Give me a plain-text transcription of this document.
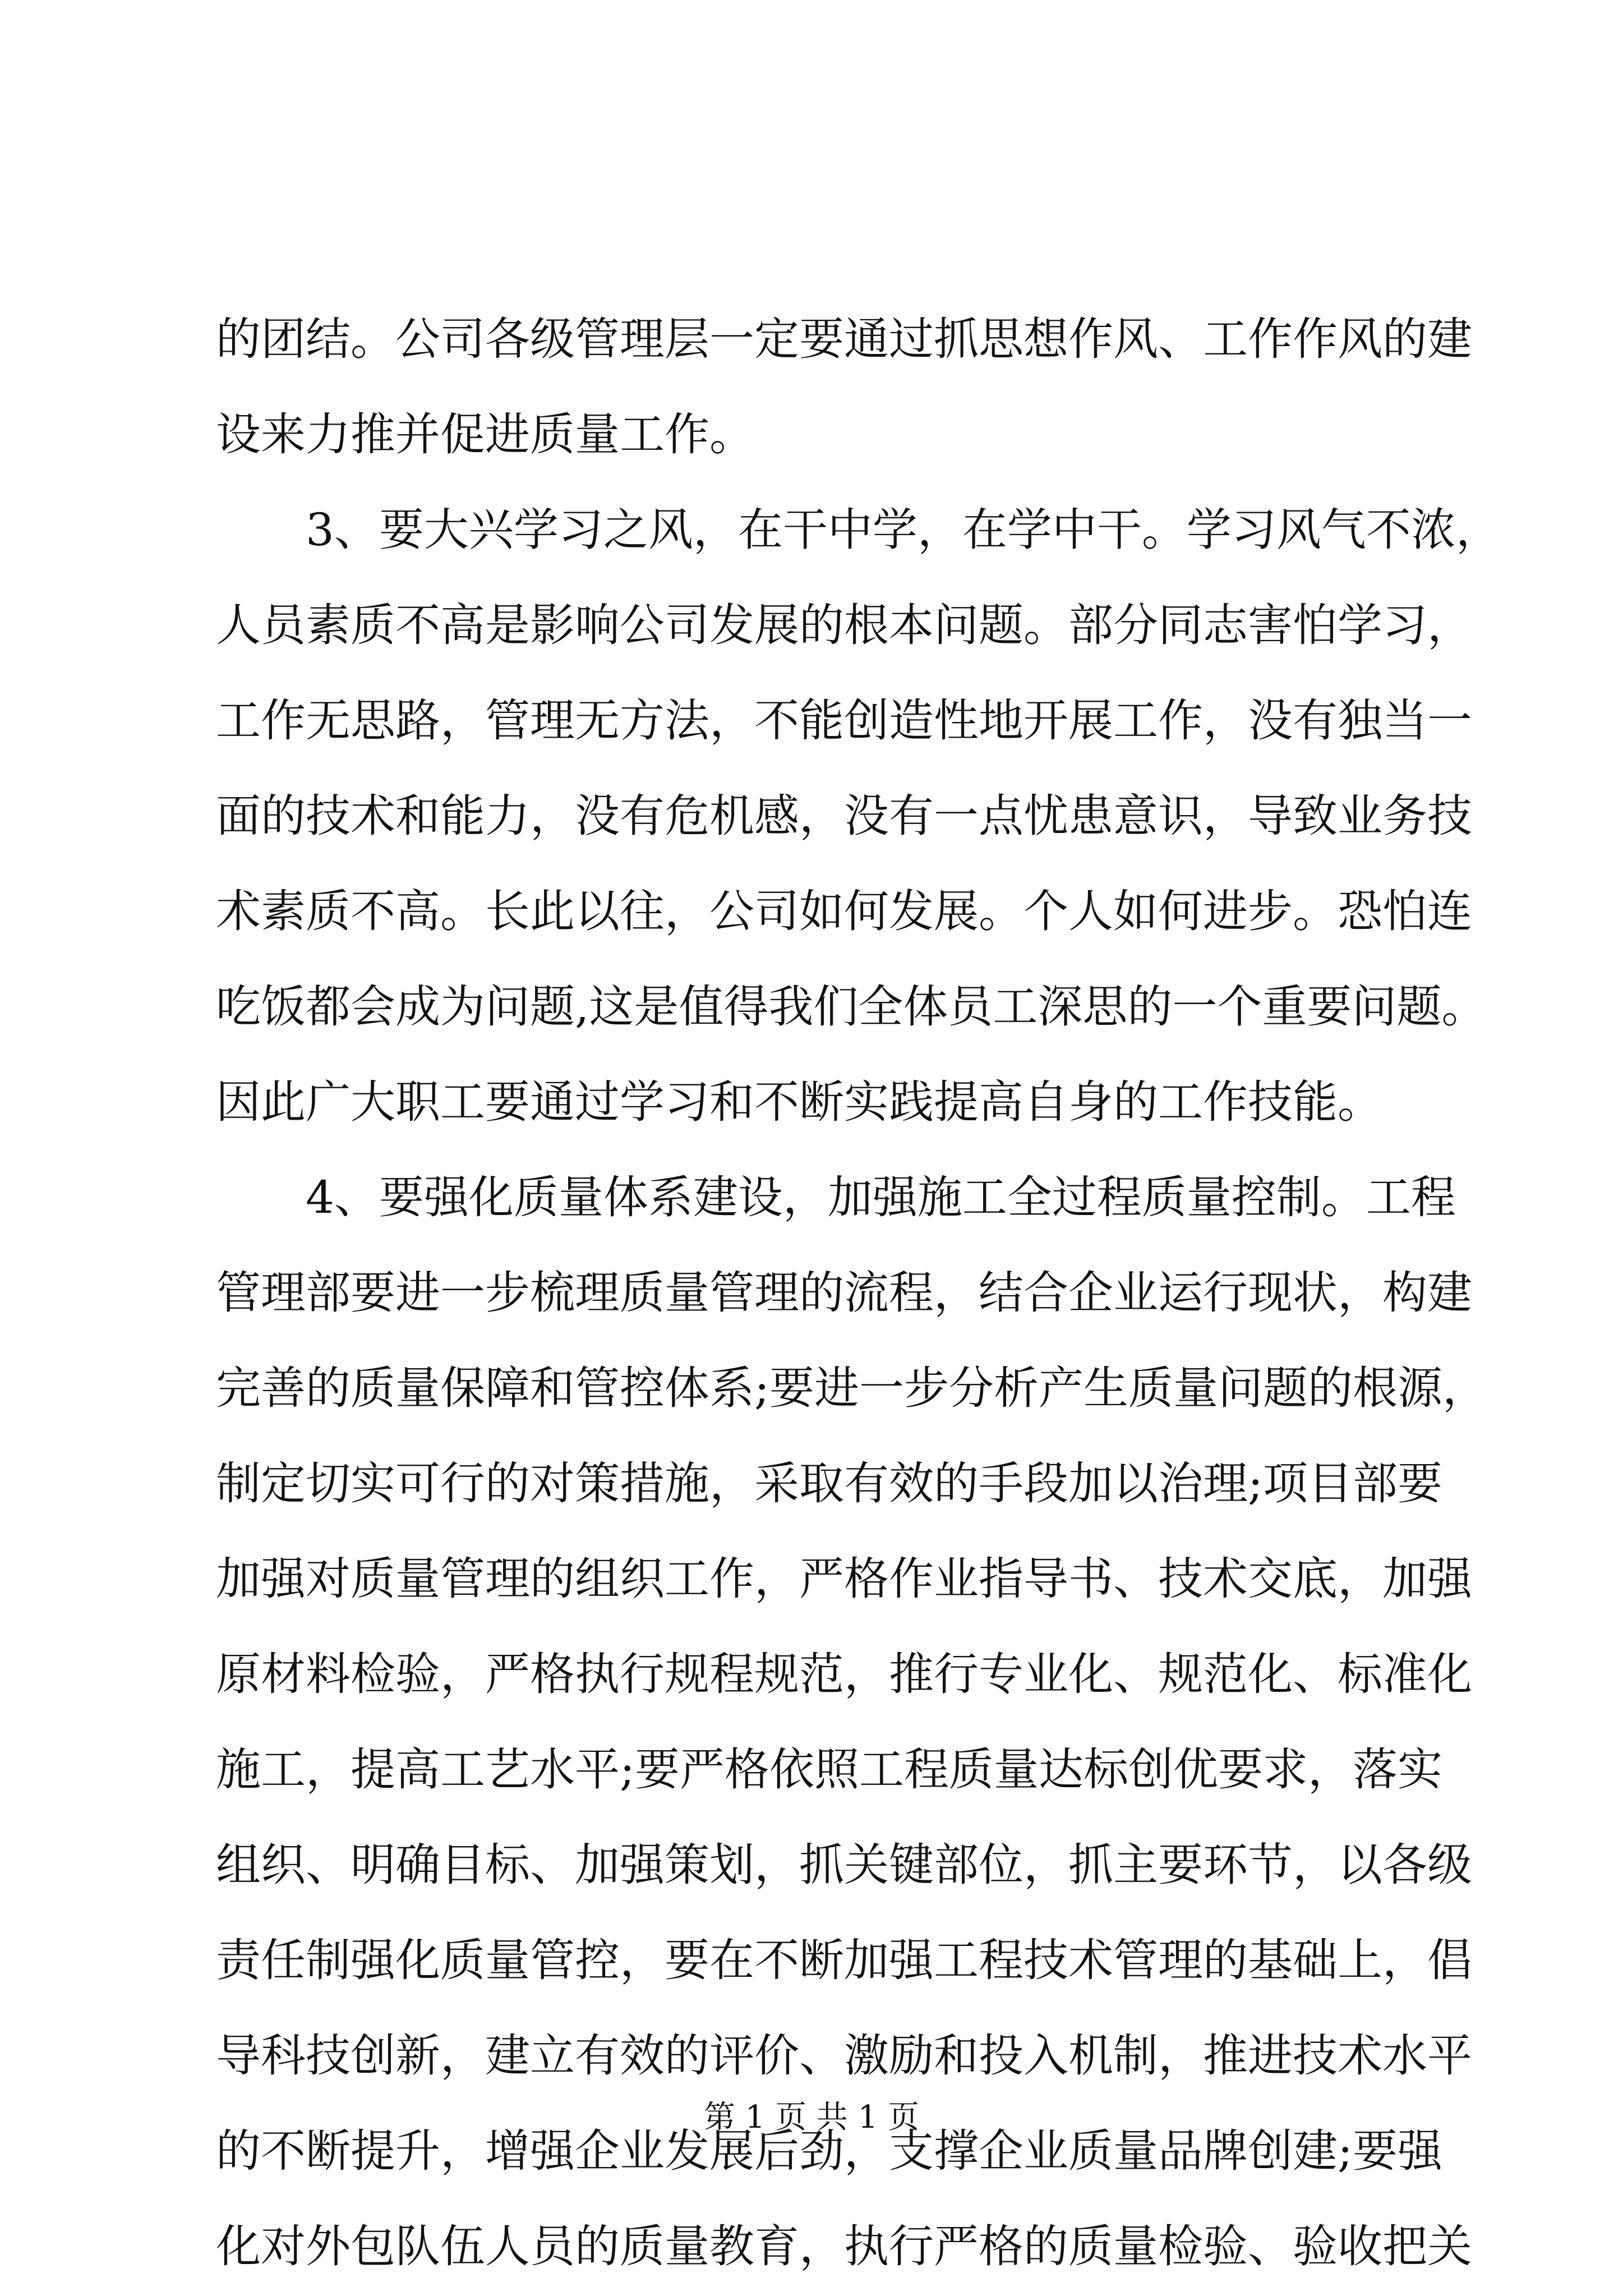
的团结。公司各级管理层一定要通过抓思想作风、工作作风的建
设来力推并促进质量工作。
3、要大兴学习之风，在干中学，在学中干。学习风气不浓，
人员素质不高是影响公司发展的根本问题。部分同志害怕学习，
工作无思路，管理无方法，不能创造性地开展工作，没有独当一
面的技术和能力，没有危机感，没有一点忧患意识，导致业务技
术素质不高。长此以往，公司如何发展。个人如何进步。恐怕连
吃饭都会成为问题,这是值得我们全体员工深思的一个重要问题。
因此广大职工要通过学习和不断实践提高自身的工作技能。
4、要强化质量体系建设，加强施工全过程质量控制。工程
管理部要进一步梳理质量管理的流程，结合企业运行现状，构建
完善的质量保障和管控体系;要进一步分析产生质量问题的根源，
制定切实可行的对策措施，采取有效的手段加以治理;项目部要
加强对质量管理的组织工作，严格作业指导书、技术交底，加强
原材料检验，严格执行规程规范，推行专业化、规范化、标准化
施工，提高工艺水平;要严格依照工程质量达标创优要求，落实
组织、明确目标、加强策划，抓关键部位，抓主要环节，以各级
责任制强化质量管控，要在不断加强工程技术管理的基础上，倡
导科技创新，建立有效的评价、激励和投入机制，推进技术水平
的不断提升，增强企业发展后劲，支撑企业质量品牌创建;要强
化对外包队伍人员的质量教育，执行严格的质量检验、验收把关
第 1 页 共 1 页
